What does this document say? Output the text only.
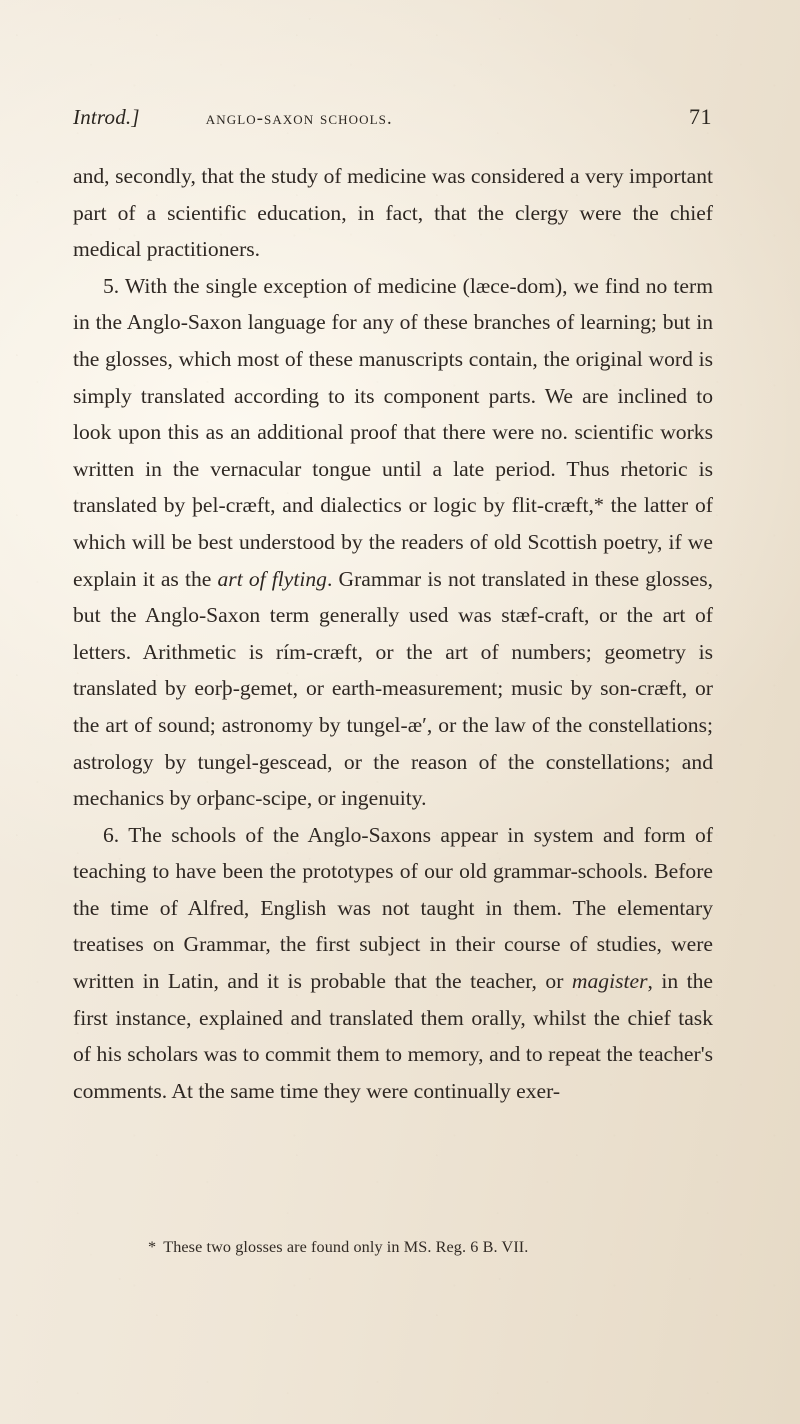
Introd.]	anglo-saxon schools.	71

and, secondly, that the study of medicine was considered a very important part of a scientific education, in fact, that the clergy were the chief medical practitioners.

5. With the single exception of medicine (læce-dom), we find no term in the Anglo-Saxon language for any of these branches of learning; but in the glosses, which most of these manuscripts contain, the original word is simply translated according to its component parts. We are inclined to look upon this as an additional proof that there were no. scientific works written in the vernacular tongue until a late period. Thus rhetoric is translated by þel-cræft, and dialectics or logic by flit-cræft,* the latter of which will be best understood by the readers of old Scottish poetry, if we explain it as the art of flyting. Grammar is not translated in these glosses, but the Anglo-Saxon term generally used was stæf-craft, or the art of letters. Arithmetic is rím-cræft, or the art of numbers; geometry is translated by eorþ-gemet, or earth-measurement; music by son-cræft, or the art of sound; astronomy by tungel-æ′, or the law of the constellations; astrology by tungel-gescead, or the reason of the constellations; and mechanics by orþanc-scipe, or ingenuity.

6. The schools of the Anglo-Saxons appear in system and form of teaching to have been the prototypes of our old grammar-schools. Before the time of Alfred, English was not taught in them. The elementary treatises on Grammar, the first subject in their course of studies, were written in Latin, and it is probable that the teacher, or magister, in the first instance, explained and translated them orally, whilst the chief task of his scholars was to commit them to memory, and to repeat the teacher's comments. At the same time they were continually exer-

* These two glosses are found only in MS. Reg. 6 B. VII.
